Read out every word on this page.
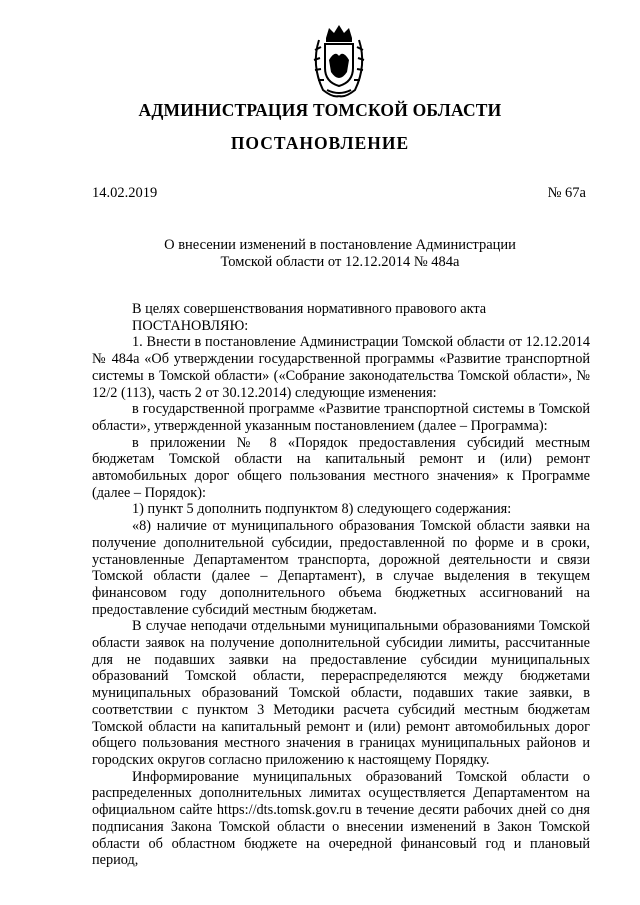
АДМИНИСТРАЦИЯ ТОМСКОЙ ОБЛАСТИ
ПОСТАНОВЛЕНИЕ
14.02.2019	№ 67а
О внесении изменений в постановление Администрации
Томской области от 12.12.2014 № 484а

В целях совершенствования нормативного правового акта

ПОСТАНОВЛЯЮ:

1. Внести в постановление Администрации Томской области от 12.12.2014 № 484а «Об утверждении государственной программы «Развитие транспортной системы в Томской области» («Собрание законодательства Томской области», № 12/2 (113), часть 2 от 30.12.2014) следующие изменения:

в государственной программе «Развитие транспортной системы в Томской области», утвержденной указанным постановлением (далее – Программа):

в приложении № 8 «Порядок предоставления субсидий местным бюджетам Томской области на капитальный ремонт и (или) ремонт автомобильных дорог общего пользования местного значения» к Программе (далее – Порядок):

1) пункт 5 дополнить подпунктом 8) следующего содержания:

«8) наличие от муниципального образования Томской области заявки на получение дополнительной субсидии, предоставленной по форме и в сроки, установленные Департаментом транспорта, дорожной деятельности и связи Томской области (далее – Департамент), в случае выделения в текущем финансовом году дополнительного объема бюджетных ассигнований на предоставление субсидий местным бюджетам.

В случае неподачи отдельными муниципальными образованиями Томской области заявок на получение дополнительной субсидии лимиты, рассчитанные для не подавших заявки на предоставление субсидии муниципальных образований Томской области, перераспределяются между бюджетами муниципальных образований Томской области, подавших такие заявки, в соответствии с пунктом 3 Методики расчета субсидий местным бюджетам Томской области на капитальный ремонт и (или) ремонт автомобильных дорог общего пользования местного значения в границах муниципальных районов и городских округов согласно приложению к настоящему Порядку.

Информирование муниципальных образований Томской области о распределенных дополнительных лимитах осуществляется Департаментом на официальном сайте https://dts.tomsk.gov.ru в течение десяти рабочих дней со дня подписания Закона Томской области о внесении изменений в Закон Томской области об областном бюджете на очередной финансовый год и плановый период,
